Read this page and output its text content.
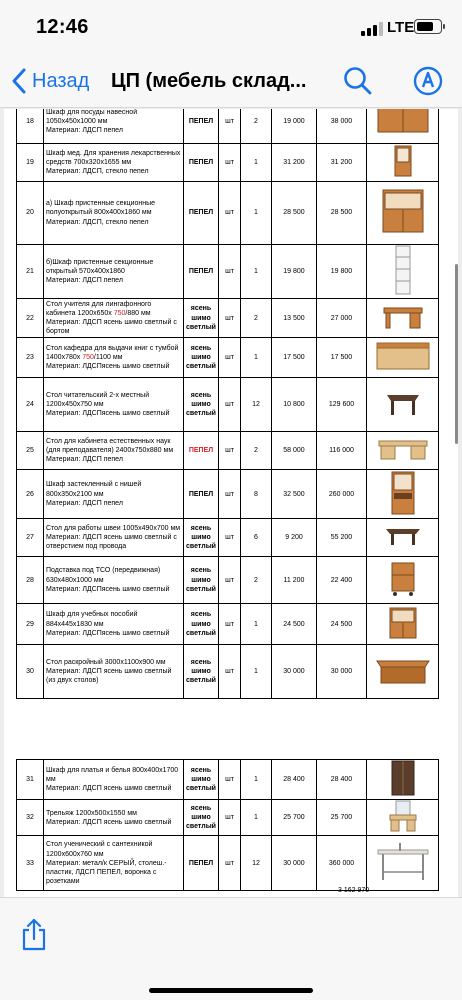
12:46	LTE
Назад ЦП (мебель склад...
18	Шкаф для посуды навесной
1050х450х1000 мм
Материал: ЛДСП пепел	ПЕПЕЛ	шт	2	19 000	38 000	

19	Шкаф мед. Для хранения лекарственных средств 700х320х1655 мм
Материал: ЛДСП, стекло пепел	ПЕПЕЛ	шт	1	31 200	31 200	

20	а) Шкаф пристенные секционные полуоткрытый 800х400х1860 мм
Материал: ЛДСП, стекло пепел	ПЕПЕЛ	шт	1	28 500	28 500	

21	б)Шкаф пристенные секционные открытый 570х400х1860
Материал: ЛДСП пепел	ПЕПЕЛ	шт	1	19 800	19 800	

22	Стол учителя для лингафонного кабинета 1200х650х 750/880 мм
Материал: ЛДСП ясень шимо светлый с бортом	ясень шимо светлый	шт	2	13 500	27 000	

23	Стол кафедра для выдачи книг с тумбой 1400х780х 750/1100 мм
Материал: ЛДСПясень шимо светлый	ясень шимо светлый	шт	1	17 500	17 500	

24	Стол читательский 2-х местный 1200х450х750 мм
Материал: ЛДСПясень шимо светлый	ясень шимо светлый	шт	12	10 800	129 600	

25	Стол для кабинета естественных наук (для преподавателя) 2400х750х880 мм
Материал: ЛДСП пепел	ПЕПЕЛ	шт	2	58 000	116 000	

26	Шкаф застекленный с нишей 800х350х2100 мм
Материал: ЛДСП пепел	ПЕПЕЛ	шт	8	32 500	260 000	

27	Стол для работы швеи 1005х490х700 мм
Материал: ЛДСП ясень шимо светлый с отверстием под провода	ясень шимо светлый	шт	6	9 200	55 200	

28	Подставка под ТСО (передвижная) 630х480х1000 мм
Материал: ЛДСПясень шимо светлый	ясень шимо светлый	шт	2	11 200	22 400	

29	Шкаф для учебных пособий 884х445х1830 мм
Материал: ЛДСПясень шимо светлый	ясень шимо светлый	шт	1	24 500	24 500	

30	Стол раскройный 3000х1100х900 мм
Материал: ЛДСП ясень шимо светлый (из двух столов)	ясень шимо светлый	шт	1	30 000	30 000	
31	Шкаф для платья и белья 800х400х1700 мм
Материал: ЛДСП ясень шимо светлый	ясень шимо светлый	шт	1	28 400	28 400	

32	Трельяж 1200х500х1550 мм
Материал: ЛДСП ясень шимо светлый	ясень шимо светлый	шт	1	25 700	25 700	

33	Стол ученический с сантехникой 1200х600х760 мм
Материал: метал/к СЕРЫЙ, столеш.-пластик, ЛДСП ПЕПЕЛ, воронка с розетками	ПЕПЕЛ	шт	12	30 000	360 000	
3 162 970
